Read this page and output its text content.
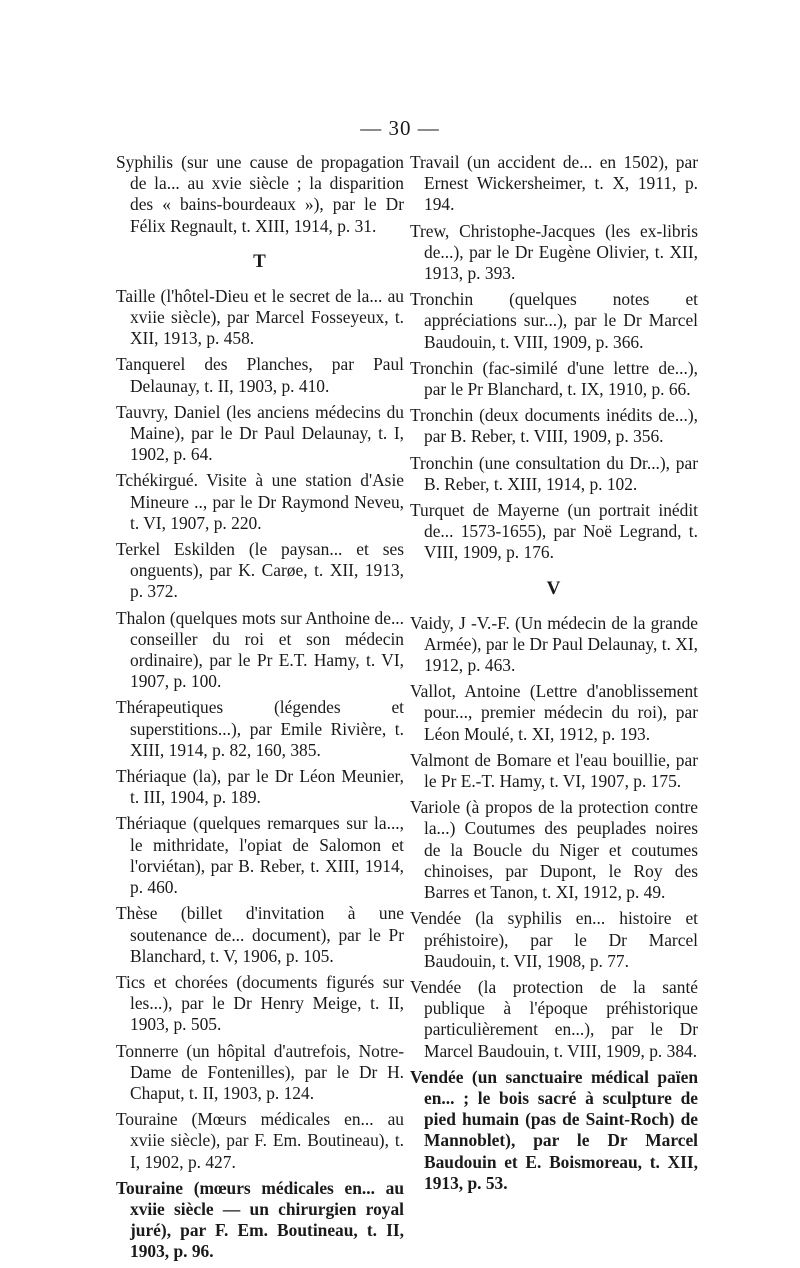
— 30 —

Syphilis (sur une cause de propagation de la... au xvie siècle ; la disparition des « bains-bourdeaux »), par le Dr Félix Regnault, t. XIII, 1914, p. 31.

T

Taille (l'hôtel-Dieu et le secret de la... au xviie siècle), par Marcel Fosseyeux, t. XII, 1913, p. 458.

Tanquerel des Planches, par Paul Delaunay, t. II, 1903, p. 410.

Tauvry, Daniel (les anciens médecins du Maine), par le Dr Paul Delaunay, t. I, 1902, p. 64.

Tchékirgué. Visite à une station d'Asie Mineure .., par le Dr Raymond Neveu, t. VI, 1907, p. 220.

Terkel Eskilden (le paysan... et ses onguents), par K. Carøe, t. XII, 1913, p. 372.

Thalon (quelques mots sur Anthoine de... conseiller du roi et son médecin ordinaire), par le Pr E.T. Hamy, t. VI, 1907, p. 100.

Thérapeutiques (légendes et superstitions...), par Emile Rivière, t. XIII, 1914, p. 82, 160, 385.

Thériaque (la), par le Dr Léon Meunier, t. III, 1904, p. 189.

Thériaque (quelques remarques sur la..., le mithridate, l'opiat de Salomon et l'orviétan), par B. Reber, t. XIII, 1914, p. 460.

Thèse (billet d'invitation à une soutenance de... document), par le Pr Blanchard, t. V, 1906, p. 105.

Tics et chorées (documents figurés sur les...), par le Dr Henry Meige, t. II, 1903, p. 505.

Tonnerre (un hôpital d'autrefois, Notre-Dame de Fontenilles), par le Dr H. Chaput, t. II, 1903, p. 124.

Touraine (Mœurs médicales en... au xviie siècle), par F. Em. Boutineau), t. I, 1902, p. 427.

Touraine (mœurs médicales en... au xviie siècle — un chirurgien royal juré), par F. Em. Boutineau, t. II, 1903, p. 96.

Travail (un accident de... en 1502), par Ernest Wickersheimer, t. X, 1911, p. 194.

Trew, Christophe-Jacques (les ex-libris de...), par le Dr Eugène Olivier, t. XII, 1913, p. 393.

Tronchin (quelques notes et appréciations sur...), par le Dr Marcel Baudouin, t. VIII, 1909, p. 366.

Tronchin (fac-similé d'une lettre de...), par le Pr Blanchard, t. IX, 1910, p. 66.

Tronchin (deux documents inédits de...), par B. Reber, t. VIII, 1909, p. 356.

Tronchin (une consultation du Dr...), par B. Reber, t. XIII, 1914, p. 102.

Turquet de Mayerne (un portrait inédit de... 1573-1655), par Noë Legrand, t. VIII, 1909, p. 176.

V

Vaidy, J -V.-F. (Un médecin de la grande Armée), par le Dr Paul Delaunay, t. XI, 1912, p. 463.

Vallot, Antoine (Lettre d'anoblissement pour..., premier médecin du roi), par Léon Moulé, t. XI, 1912, p. 193.

Valmont de Bomare et l'eau bouillie, par le Pr E.-T. Hamy, t. VI, 1907, p. 175.

Variole (à propos de la protection contre la...) Coutumes des peuplades noires de la Boucle du Niger et coutumes chinoises, par Dupont, le Roy des Barres et Tanon, t. XI, 1912, p. 49.

Vendée (la syphilis en... histoire et préhistoire), par le Dr Marcel Baudouin, t. VII, 1908, p. 77.

Vendée (la protection de la santé publique à l'époque préhistorique particulièrement en...), par le Dr Marcel Baudouin, t. VIII, 1909, p. 384.

Vendée (un sanctuaire médical païen en... ; le bois sacré à sculpture de pied humain (pas de Saint-Roch) de Mannoblet), par le Dr Marcel Baudouin et E. Boismoreau, t. XII, 1913, p. 53.
